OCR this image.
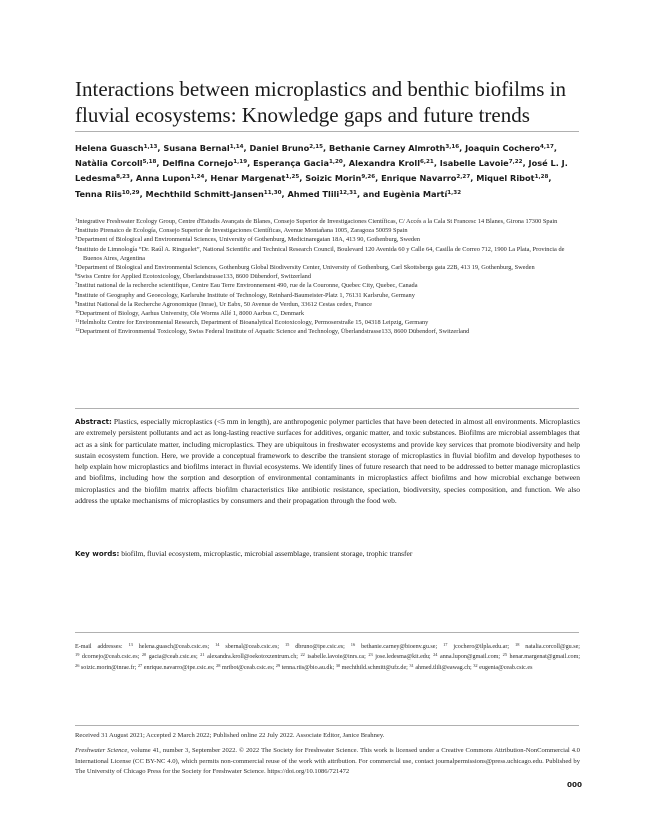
Interactions between microplastics and benthic biofilms in fluvial ecosystems: Knowledge gaps and future trends
Helena Guasch$^{1,13}$, Susana Bernal$^{1,14}$, Daniel Bruno$^{2,15}$, Bethanie Carney Almroth$^{3,16}$, Joaquin Cochero$^{4,17}$, Natàlia Corcoll$^{5,18}$, Delfina Cornejo$^{1,19}$, Esperança Gacia$^{1,20}$, Alexandra Kroll$^{6,21}$, Isabelle Lavoie$^{7,22}$, José L. J. Ledesma$^{8,23}$, Anna Lupon$^{1,24}$, Henar Margenat$^{1,25}$, Soizic Morin$^{9,26}$, Enrique Navarro$^{2,27}$, Miquel Ribot$^{1,28}$, Tenna Riis$^{10,29}$, Mechthild Schmitt-Jansen$^{11,30}$, Ahmed Tlili$^{12,31}$, and Eugènia Martí$^{1,32}$

$^1$Integrative Freshwater Ecology Group, Centre d'Estudis Avançats de Blanes, Consejo Superior de Investigaciones Científicas, C/ Accés a la Cala St Francesc 14 Blanes, Girona 17300 Spain

$^2$Instituto Pirenaico de Ecología, Consejo Superior de Investigaciones Científicas, Avenue Montañana 1005, Zaragoza 50059 Spain

$^3$Department of Biological and Environmental Sciences, University of Gothenburg, Medicinaregatan 18A, 413 90, Gothenburg, Sweden

$^4$Instituto de Limnología “Dr. Raúl A. Ringuelet”, National Scientific and Technical Research Council, Boulevard 120 Avenida 60 y Calle 64, Casilla de Correo 712, 1900 La Plata, Provincia de Buenos Aires, Argentina

$^5$Department of Biological and Environmental Sciences, Gothenburg Global Biodiversity Center, University of Gothenburg, Carl Skottsbergs gata 22B, 413 19, Gothenburg, Sweden

$^6$Swiss Centre for Applied Ecotoxicology, Überlandstrasse133, 8600 Dübendorf, Switzerland

$^7$Institut national de la recherche scientifique, Centre Eau Terre Environnement 490, rue de la Couronne, Quebec City, Quebec, Canada

$^8$Institute of Geography and Geoecology, Karlsruhe Institute of Technology, Reinhard-Baumeister-Platz 1, 76131 Karlsruhe, Germany

$^9$Institut National de la Recherche Agronomique (Inrae), Ur Eabx, 50 Avenue de Verdun, 33612 Cestas cedex, France

$^{10}$Department of Biology, Aarhus University, Ole Worms Allé 1, 8000 Aarbus C, Denmark

$^{11}$Helmholtz Centre for Environmental Research, Department of Bioanalytical Ecotoxicology, Permoserstraße 15, 04318 Leipzig, Germany

$^{12}$Department of Environmental Toxicology, Swiss Federal Institute of Aquatic Science and Technology, Überlandstrasse133, 8600 Dübendorf, Switzerland

Abstract: Plastics, especially microplastics (<5 mm in length), are anthropogenic polymer particles that have been detected in almost all environments. Microplastics are extremely persistent pollutants and act as long-lasting reactive surfaces for additives, organic matter, and toxic substances. Biofilms are microbial assemblages that act as a sink for particulate matter, including microplastics. They are ubiquitous in freshwater ecosystems and provide key services that promote biodiversity and help sustain ecosystem function. Here, we provide a conceptual framework to describe the transient storage of microplastics in fluvial biofilm and develop hypotheses to help explain how microplastics and biofilms interact in fluvial ecosystems. We identify lines of future research that need to be addressed to better manage microplastics and biofilms, including how the sorption and desorption of environmental contaminants in microplastics affect biofilms and how microbial exchange between microplastics and the biofilm matrix affects biofilm characteristics like antibiotic resistance, speciation, biodiversity, species composition, and function. We also address the uptake mechanisms of microplastics by consumers and their propagation through the food web.
Key words: biofilm, fluvial ecosystem, microplastic, microbial assemblage, transient storage, trophic transfer
E-mail addresses: $^{13}$ helena.guasch@ceab.csic.es; $^{14}$ sbernal@ceab.csic.es; $^{15}$ dbruno@ipe.csic.es; $^{16}$ bethanie.carney@bioenv.gu.se; $^{17}$ jcochero@ilpla.edu.ar; $^{18}$ natalia.corcoll@gu.se; $^{19}$ dcornejo@ceab.csic.es; $^{20}$ gacia@ceab.csic.es; $^{21}$ alexandra.kroll@oekotoxzentrum.ch; $^{22}$ isabelle.lavoie@inrs.ca; $^{23}$ jose.ledesma@kit.edu; $^{24}$ anna.lupon@gmail.com; $^{25}$ henar.margenat@gmail.com; $^{26}$ soizic.morin@inrae.fr; $^{27}$ enrique.navarro@ipe.csic.es; $^{28}$ mribot@ceab.csic.es; $^{29}$ tenna.riis@bio.au.dk; $^{30}$ mechthild.schmitt@ufz.de; $^{31}$ ahmed.tlili@eawag.ch; $^{32}$ eugenia@ceab.csic.es
Received 31 August 2021; Accepted 2 March 2022; Published online 22 July 2022. Associate Editor, Janice Brahney.
Freshwater Science, volume 41, number 3, September 2022. © 2022 The Society for Freshwater Science. This work is licensed under a Creative Commons Attribution-NonCommercial 4.0 International License (CC BY-NC 4.0), which permits non-commercial reuse of the work with attribution. For commercial use, contact journalpermissions@press.uchicago.edu. Published by The University of Chicago Press for the Society for Freshwater Science. https://doi.org/10.1086/721472
000
